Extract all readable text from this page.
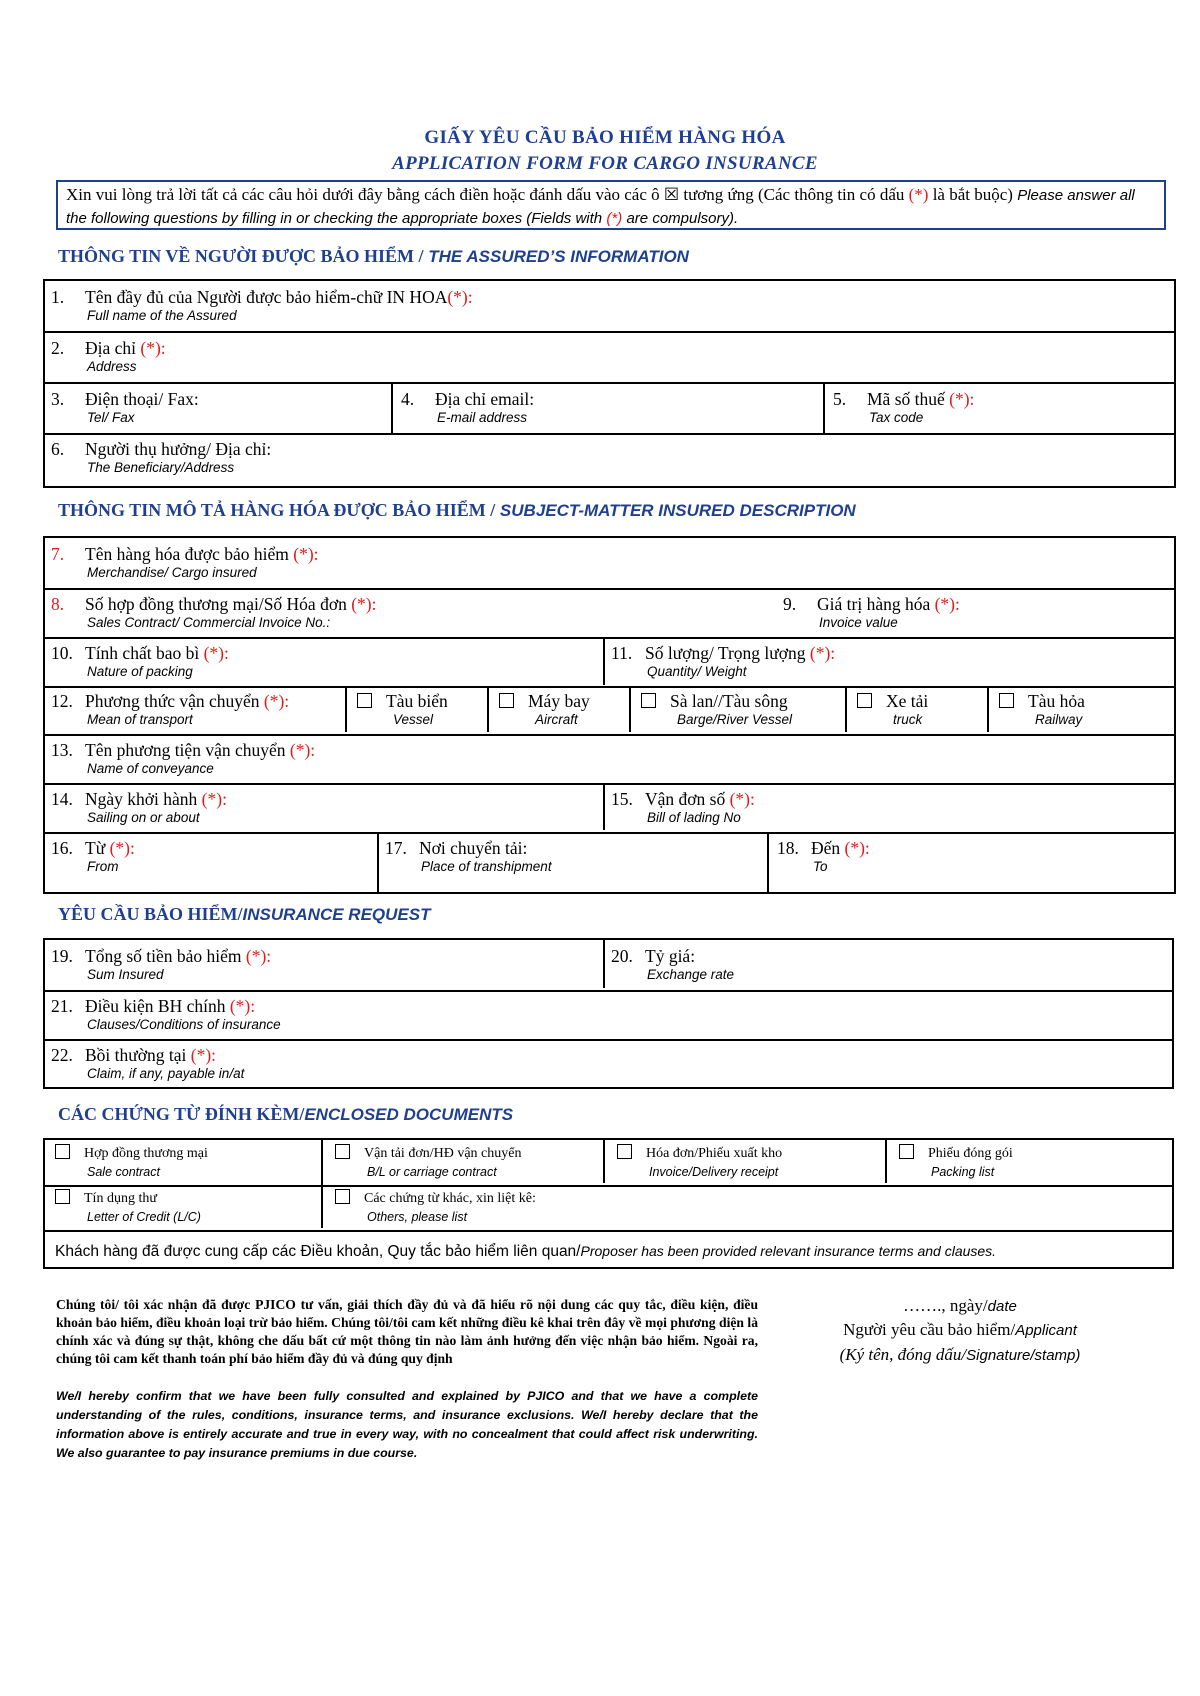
GIẤY YÊU CẦU BẢO HIỂM HÀNG HÓA
APPLICATION FORM FOR CARGO INSURANCE
Xin vui lòng trả lời tất cả các câu hỏi dưới đây bằng cách điền hoặc đánh dấu vào các ô ☒ tương ứng (Các thông tin có dấu (*) là bắt buộc) Please answer all the following questions by filling in or checking the appropriate boxes (Fields with (*) are compulsory).
THÔNG TIN VỀ NGƯỜI ĐƯỢC BẢO HIỂM / THE ASSURED’S INFORMATION
1. Tên đầy đủ của Người được bảo hiểm-chữ IN HOA(*):
Full name of the Assured
2. Địa chỉ (*):
Address
3. Điện thoại/ Fax:
Tel/ Fax
4. Địa chỉ email:
E-mail address
5. Mã số thuế (*):
Tax code
6. Người thụ hưởng/ Địa chỉ:
The Beneficiary/Address
THÔNG TIN MÔ TẢ HÀNG HÓA ĐƯỢC BẢO HIỂM / SUBJECT-MATTER INSURED DESCRIPTION
7. Tên hàng hóa được bảo hiểm (*):
Merchandise/ Cargo insured
8. Số hợp đồng thương mại/Số Hóa đơn (*):
Sales Contract/ Commercial Invoice No.:
9. Giá trị hàng hóa (*):
Invoice value
10. Tính chất bao bì (*):
Nature of packing
11. Số lượng/ Trọng lượng (*):
Quantity/ Weight
12. Phương thức vận chuyển (*):
Mean of transport
Tàu biển
Vessel
Máy bay
Aircraft
Sà lan//Tàu sông
Barge/River Vessel
Xe tải
truck
Tàu hỏa
Railway
13. Tên phương tiện vận chuyển (*):
Name of conveyance
14. Ngày khởi hành (*):
Sailing on or about
15. Vận đơn số (*):
Bill of lading No
16. Từ (*):
From
17. Nơi chuyển tải:
Place of transhipment
18. Đến (*):
To
YÊU CẦU BẢO HIỂM/INSURANCE REQUEST
19. Tổng số tiền bảo hiểm (*):
Sum Insured
20. Tỷ giá:
Exchange rate
21. Điều kiện BH chính (*):
Clauses/Conditions of insurance
22. Bồi thường tại (*):
Claim, if any, payable in/at
CÁC CHỨNG TỪ ĐÍNH KÈM/ENCLOSED DOCUMENTS
Hợp đồng thương mại
Sale contract
Vận tải đơn/HĐ vận chuyển
B/L or carriage contract
Hóa đơn/Phiếu xuất kho
Invoice/Delivery receipt
Phiếu đóng gói
Packing list
Tín dụng thư
Letter of Credit (L/C)
Các chứng từ khác, xin liệt kê:
Others, please list
Khách hàng đã được cung cấp các Điều khoản, Quy tắc bảo hiểm liên quan/Proposer has been provided relevant insurance terms and clauses.
Chúng tôi/ tôi xác nhận đã được PJICO tư vấn, giải thích đầy đủ và đã hiểu rõ nội dung các quy tắc, điều kiện, điều khoản bảo hiểm, điều khoản loại trừ bảo hiểm. Chúng tôi/tôi cam kết những điều kê khai trên đây về mọi phương diện là chính xác và đúng sự thật, không che dấu bất cứ một thông tin nào làm ảnh hưởng đến việc nhận bảo hiểm. Ngoài ra, chúng tôi cam kết thanh toán phí bảo hiểm đầy đủ và đúng quy định
We/I hereby confirm that we have been fully consulted and explained by PJICO and that we have a complete understanding of the rules, conditions, insurance terms, and insurance exclusions. We/I hereby declare that the information above is entirely accurate and true in every way, with no concealment that could affect risk underwriting. We also guarantee to pay insurance premiums in due course.
……., ngày/date
Người yêu cầu bảo hiểm/Applicant
(Ký tên, đóng dấu/Signature/stamp)
